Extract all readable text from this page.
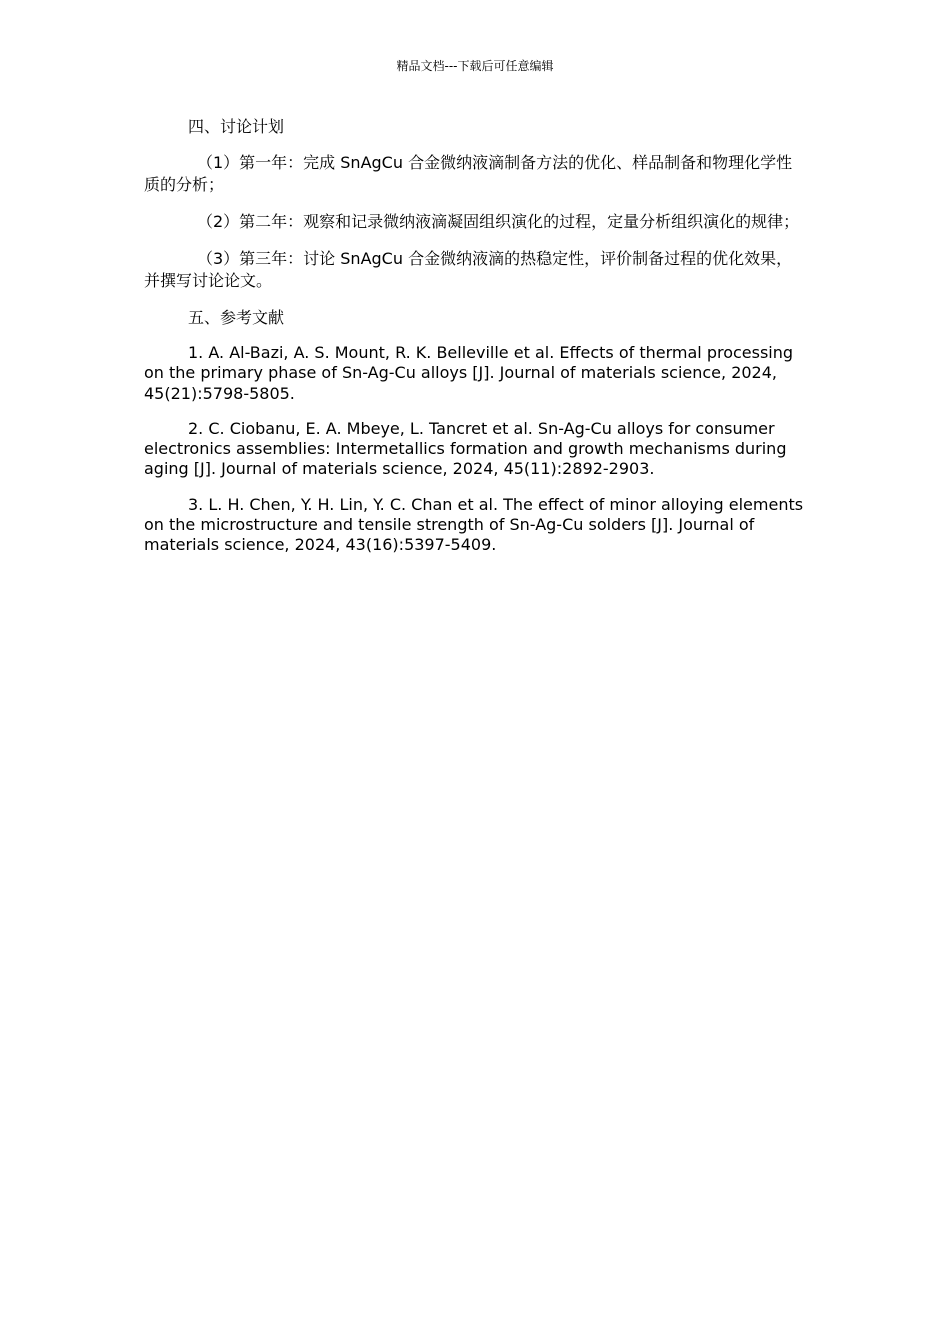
精品文档---下载后可任意编辑
四、讨论计划

（1）第一年：完成 SnAgCu 合金微纳液滴制备方法的优化、样品制备和物理化学性质的分析；

（2）第二年：观察和记录微纳液滴凝固组织演化的过程，定量分析组织演化的规律；

（3）第三年：讨论 SnAgCu 合金微纳液滴的热稳定性，评价制备过程的优化效果，并撰写讨论论文。

五、参考文献

1. A. Al-Bazi, A. S. Mount, R. K. Belleville et al. Effects of thermal processing on the primary phase of Sn-Ag-Cu alloys [J]. Journal of materials science, 2024, 45(21):5798-5805.

2. C. Ciobanu, E. A. Mbeye, L. Tancret et al. Sn-Ag-Cu alloys for consumer electronics assemblies: Intermetallics formation and growth mechanisms during aging [J]. Journal of materials science, 2024, 45(11):2892-2903.

3. L. H. Chen, Y. H. Lin, Y. C. Chan et al. The effect of minor alloying elements on the microstructure and tensile strength of Sn-Ag-Cu solders [J]. Journal of materials science, 2024, 43(16):5397-5409.
